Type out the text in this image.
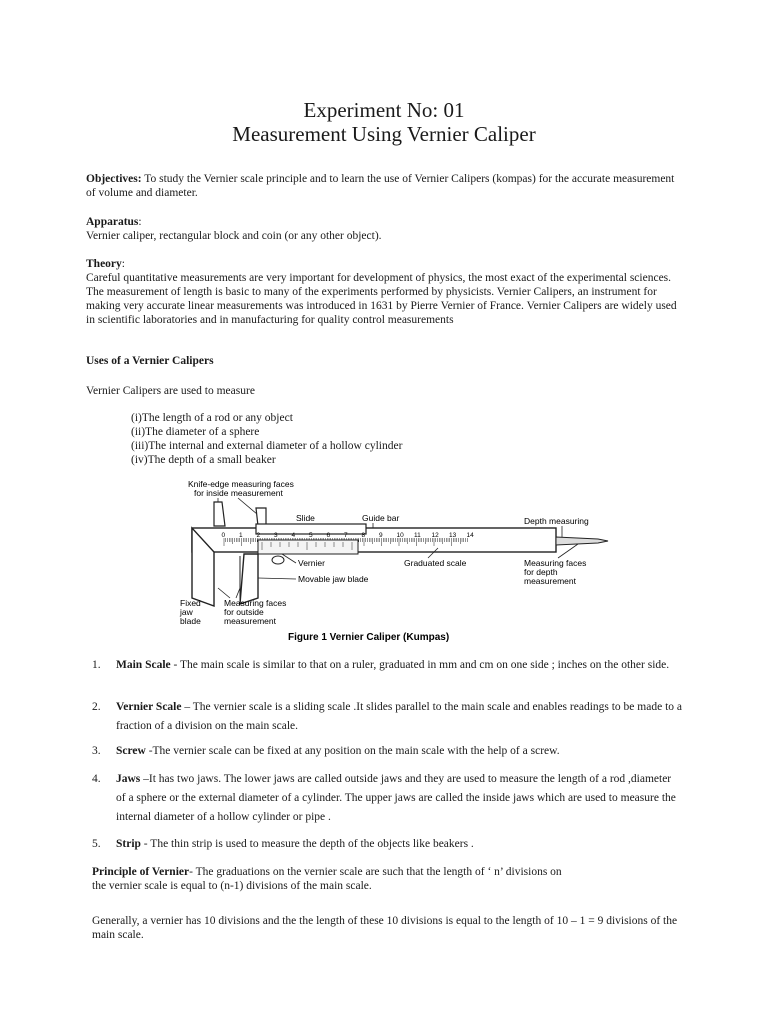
Experiment No: 01
Measurement Using Vernier Caliper
Objectives: To study the Vernier scale principle and to learn the use of Vernier Calipers (kompas) for the accurate measurement of volume and diameter.
Apparatus:
Vernier caliper, rectangular block and coin (or any other object).
Theory:
Careful quantitative measurements are very important for development of physics, the most exact of the experimental sciences. The measurement of length is basic to many of the experiments performed by physicists. Vernier Calipers, an instrument for making very accurate linear measurements was introduced in 1631 by Pierre Vernier of France. Vernier Calipers are widely used in scientific laboratories and in manufacturing for quality control measurements
Uses of a Vernier Calipers
Vernier Calipers are used to measure
(i)The length of a rod or any object
(ii)The diameter of a sphere
(iii)The internal and external diameter of a hollow cylinder
(iv)The depth of a small beaker
Knife-edge measuring faces
for inside measurement
Slide	Guide bar	Depth measuring
0 1 2 3 4 5 6 7 8 9 10 11 12 13 14
Vernier
Movable jaw blade
Graduated scale	Measuring faces
for depth
measurement
Fixed
jaw
blade
Measuring faces
for outside
measurement
Figure 1 Vernier Caliper (Kumpas)
1. Main Scale - The main scale is similar to that on a ruler, graduated in mm and cm on one side ; inches on the other side.
2. Vernier Scale – The vernier scale is a sliding scale .It slides parallel to the main scale and enables readings to be made to a fraction of a division on the main scale.
3. Screw -The vernier scale can be fixed at any position on the main scale with the help of a screw.
4. Jaws –It has two jaws. The lower jaws are called outside jaws and they are used to measure the length of a rod ,diameter of a sphere or the external diameter of a cylinder. The upper jaws are called the inside jaws which are used to measure the internal diameter of a hollow cylinder or pipe .
5. Strip - The thin strip is used to measure the depth of the objects like beakers .
Principle of Vernier- The graduations on the vernier scale are such that the length of ‘ n’ divisions on the vernier scale is equal to (n-1) divisions of the main scale.
Generally, a vernier has 10 divisions and the the length of these 10 divisions is equal to the length of 10 – 1 = 9 divisions of the main scale.
